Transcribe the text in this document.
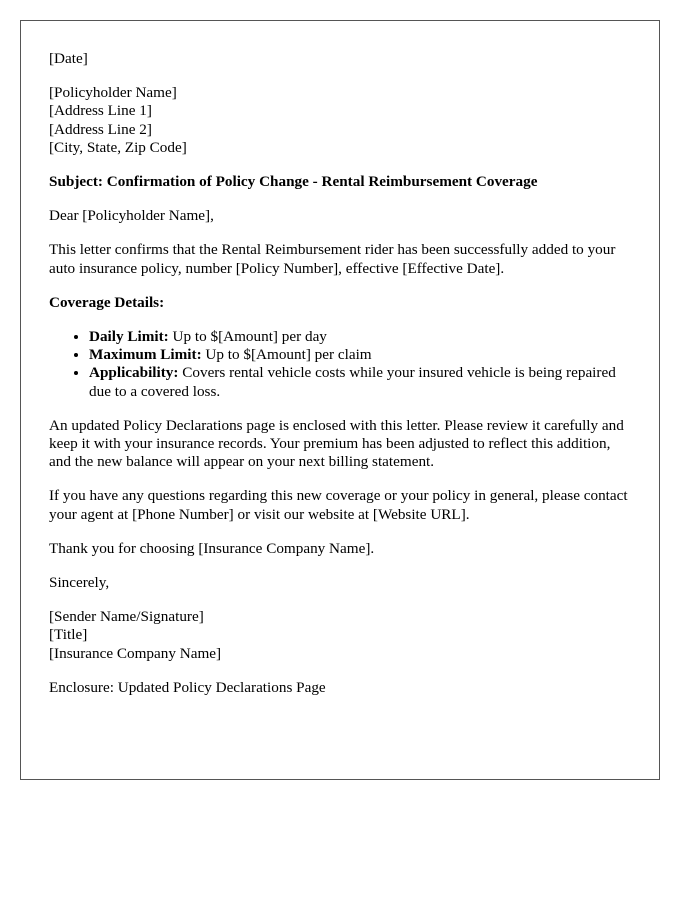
[Date]

[Policyholder Name]
[Address Line 1]
[Address Line 2]
[City, State, Zip Code]

Subject: Confirmation of Policy Change - Rental Reimbursement Coverage

Dear [Policyholder Name],

This letter confirms that the Rental Reimbursement rider has been successfully added to your auto insurance policy, number [Policy Number], effective [Effective Date].

Coverage Details:

• Daily Limit: Up to $[Amount] per day
• Maximum Limit: Up to $[Amount] per claim
• Applicability: Covers rental vehicle costs while your insured vehicle is being repaired due to a covered loss.

An updated Policy Declarations page is enclosed with this letter. Please review it carefully and keep it with your insurance records. Your premium has been adjusted to reflect this addition, and the new balance will appear on your next billing statement.

If you have any questions regarding this new coverage or your policy in general, please contact your agent at [Phone Number] or visit our website at [Website URL].

Thank you for choosing [Insurance Company Name].

Sincerely,

[Sender Name/Signature]
[Title]
[Insurance Company Name]

Enclosure: Updated Policy Declarations Page
